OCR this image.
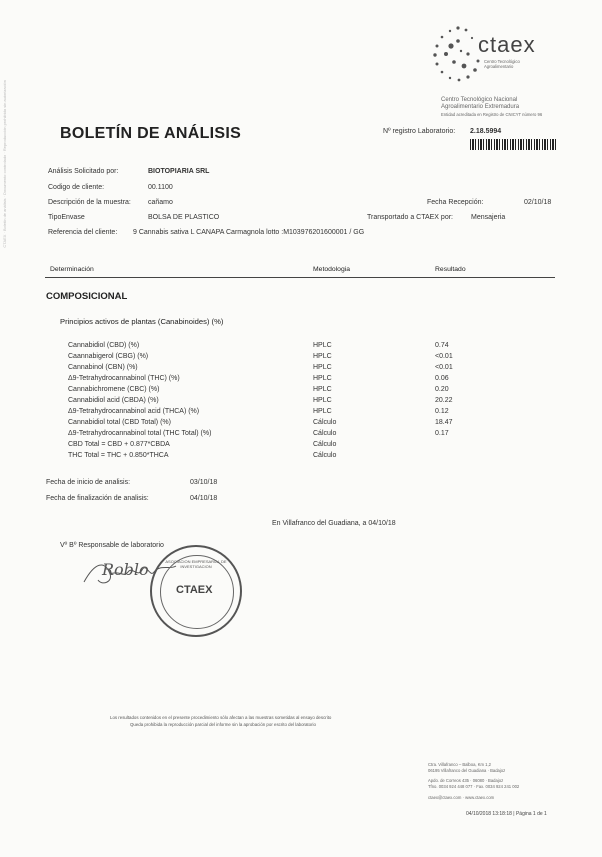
CTAEX · Boletín de análisis · Documento controlado · Reproducción prohibida sin autorización
ctaex
Centro Tecnológico
Agroalimentario
Centro Tecnológico Nacional
Agroalimentario Extremadura
Entidad acreditada en Registro de CNICYT número 96
BOLETÍN DE ANÁLISIS	Nº registro Laboratorio: 2.18.5994
Análisis Solicitado por:	BIOTOPIARIA SRL
Codigo de cliente:	00.1100
Descripción de la muestra: cañamo	Fecha Recepción:	02/10/18
TipoEnvase	BOLSA DE PLASTICO	Transportado a CTAEX por:	Mensajeria
Referencia del cliente: 9 Cannabis sativa L CANAPA Carmagnola lotto :M103976201600001 / GG
Determinación	Metodologia	Resultado
COMPOSICIONAL
Principios activos de plantas (Canabinoides) (%)
Cannabidiol (CBD) (%)	HPLC	0.74
Caannabigerol (CBG) (%)	HPLC	<0.01
Cannabinol (CBN) (%)	HPLC	<0.01
Δ9-Tetrahydrocannabinol (THC) (%)	HPLC	0.06
Cannabichromene (CBC) (%)	HPLC	0.20
Cannabidiol acid (CBDA) (%)	HPLC	20.22
Δ9-Tetrahydrocannabinol acid (THCA) (%)	HPLC	0.12
Cannabidiol total (CBD Total) (%)	Cálculo	18.47
Δ9-Tetrahydrocannabinol total (THC Total) (%)	Cálculo	0.17
CBD Total = CBD + 0.877*CBDA	Cálculo
THC Total = THC + 0.850*THCA	Cálculo
Fecha de inicio de analisis:	03/10/18
Fecha de finalización de analisis:	04/10/18
En Villafranco del Guadiana, a 04/10/18
Vº Bº Responsable de laboratorio
Roblo	ASOCIACION EMPRESARIAL DE INVESTIGACION
CTAEX
Los resultados contenidos en el presente procedimiento sólo afectan a las muestras sometidas al ensayo descrito
Queda prohibida la reproducción parcial del informe sin la aprobación por escrito del laboratorio
Ctra. Villafranco – Balboa, Km 1,2
06195 Villafranco del Guadiana · Badajoz
Apdo. de Correos 435 · 06080 · Badajoz
Tfno. 0034 924 448 077 · Fax. 0034 924 241 002
ctaex@ctaex.com · www.ctaex.com
04/10/2018 13:18:18 | Página 1 de 1
